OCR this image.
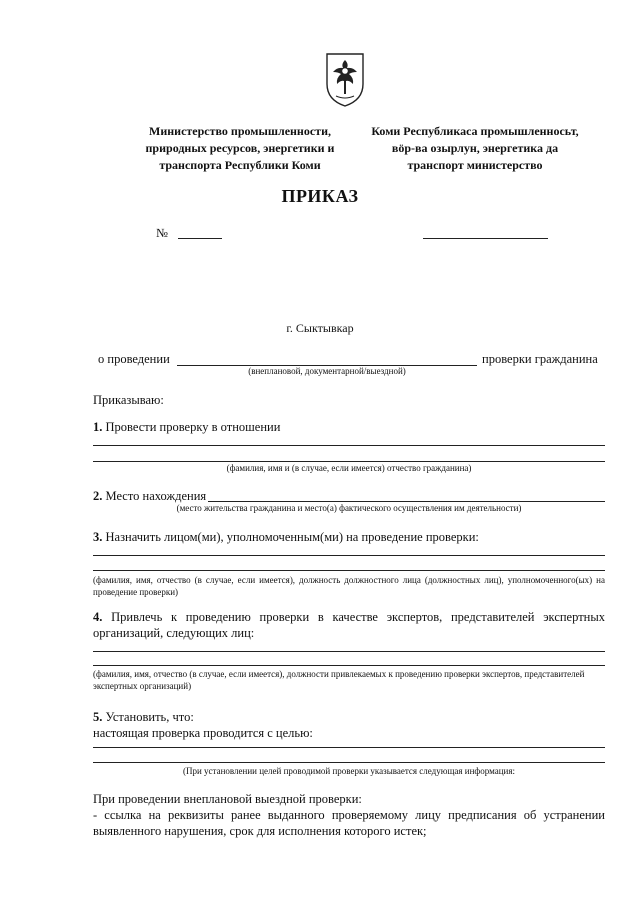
Министерство промышленности,
природных ресурсов, энергетики и
транспорта Республики Коми
Коми Республикаса промышленносьт,
вӧр-ва озырлун, энергетика да
транспорт министерство
ПРИКАЗ
№
г. Сыктывкар
о проведении	проверки гражданина
(внеплановой, документарной/выездной)
Приказываю:
1. Провести проверку в отношении
(фамилия, имя и (в случае, если имеется) отчество гражданина)
2. Место нахождения
(место жительства гражданина и место(а) фактического осуществления им деятельности)
3. Назначить лицом(ми), уполномоченным(ми) на проведение проверки:
(фамилия, имя, отчество (в случае, если имеется), должность должностного лица (должностных лиц), уполномоченного(ых) на проведение проверки)
4. Привлечь к проведению проверки в качестве экспертов, представителей экспертных организаций, следующих лиц:
(фамилия, имя, отчество (в случае, если имеется), должности привлекаемых к проведению проверки экспертов, представителей экспертных организаций)
5. Установить, что:
настоящая проверка проводится с целью:
(При установлении целей проводимой проверки указывается следующая информация:
При проведении внеплановой выездной проверки:
- ссылка на реквизиты ранее выданного проверяемому лицу предписания об устранении выявленного нарушения, срок для исполнения которого истек;
